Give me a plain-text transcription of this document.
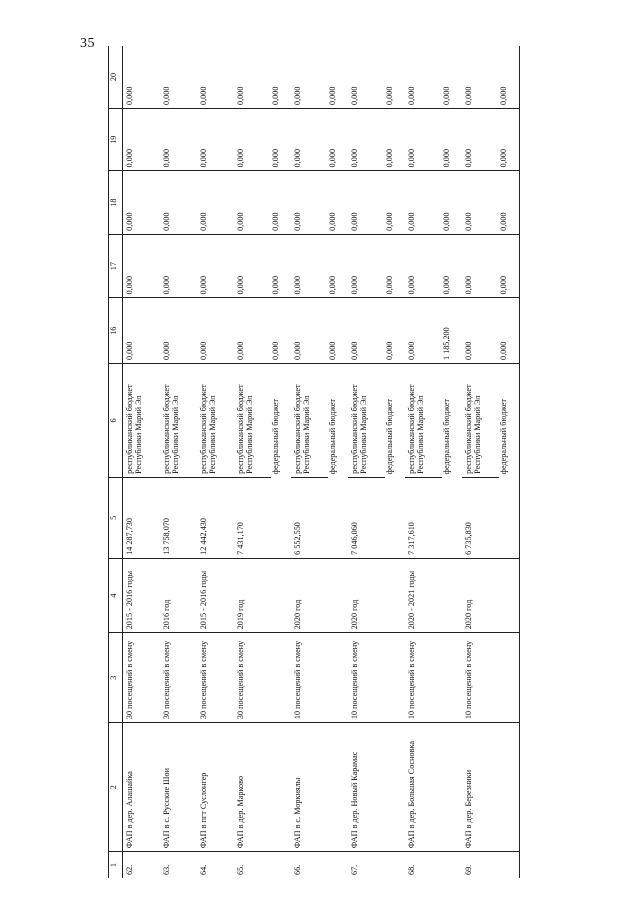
35
1	2	3	4	5	6	16	17	18	19	20
62.	ФАП в дер. Алашайка	30 посещений в смену	2015 - 2016 годы	14 287,730	республиканский бюджет Республики Марий Эл	0,000	0,000	0,000	0,000	0,000
63.	ФАП в с. Русские Шои	30 посещений в смену	2016 год	13 758,070	республиканский бюджет Республики Марий Эл	0,000	0,000	0,000	0,000	0,000
64.	ФАП в пгт Суслонгер	30 посещений в смену	2015 - 2016 годы	12 442,430	республиканский бюджет Республики Марий Эл	0,000	0,000	0,000	0,000	0,000
65.	ФАП в дер. Марково	30 посещений в смену	2019 год	7 431,170	республиканский бюджет Республики Марий Эл	0,000	0,000	0,000	0,000	0,000
					федеральный бюджет	0,000	0,000	0,000	0,000	0,000
66.	ФАП в с. Моркиялы	10 посещений в смену	2020 год	6 552,550	республиканский бюджет Республики Марий Эл	0,000	0,000	0,000	0,000	0,000
					федеральный бюджет	0,000	0,000	0,000	0,000	0,000
67.	ФАП в дер. Новый Карамас	10 посещений в смену	2020 год	7 046,060	республиканский бюджет Республики Марий Эл	0,000	0,000	0,000	0,000	0,000
					федеральный бюджет	0,000	0,000	0,000	0,000	0,000
68.	ФАП в дер. Большая Сосновка	10 посещений в смену	2020 - 2021 годы	7 317,610	республиканский бюджет Республики Марий Эл	0,000	0,000	0,000	0,000	0,000
					федеральный бюджет	1 185,200	0,000	0,000	0,000	0,000
69.	ФАП в дер. Березники	10 посещений в смену	2020 год	6 735,830	республиканский бюджет Республики Марий Эл	0,000	0,000	0,000	0,000	0,000
					федеральный бюджет	0,000	0,000	0,000	0,000	0,000
